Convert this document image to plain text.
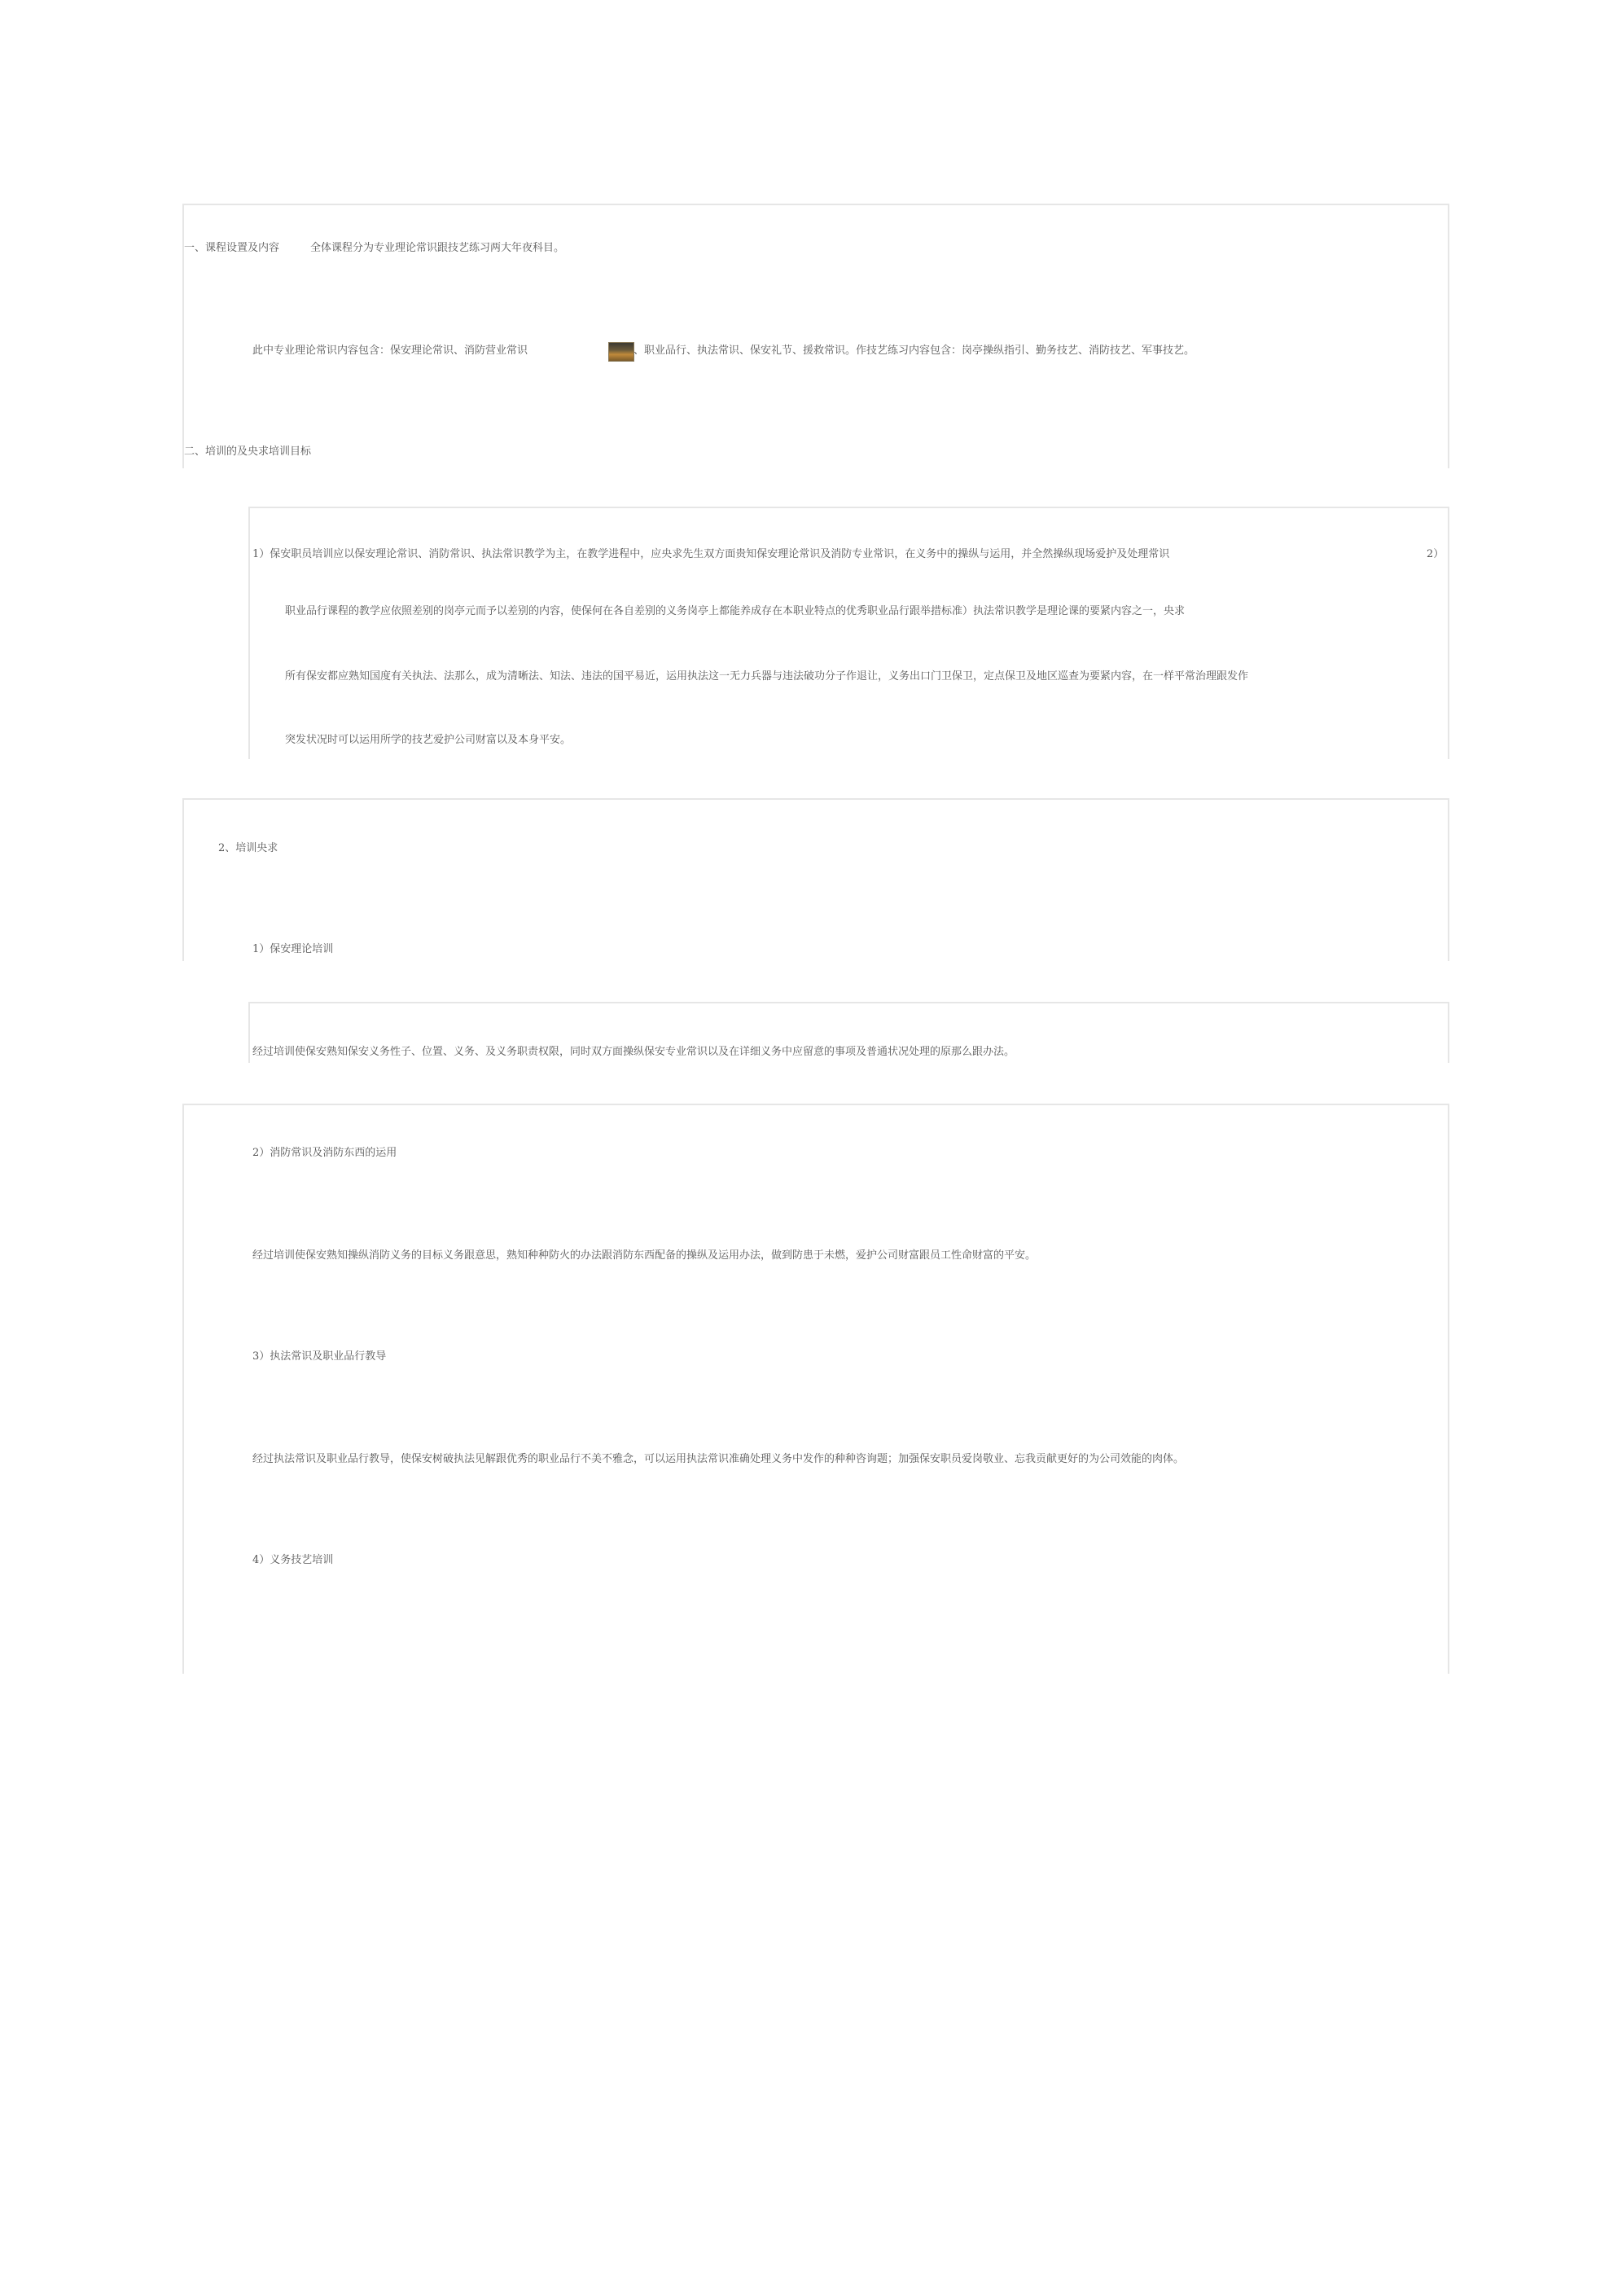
一、课程设置及内容	全体课程分为专业理论常识跟技艺练习两大年夜科目。
此中专业理论常识内容包含：保安理论常识、消防营业常识	、职业品行、执法常识、保安礼节、援救常识。作技艺练习内容包含：岗亭操纵指引、勤务技艺、消防技艺、军事技艺。
二、培训的及央求培训目标
1）保安职员培训应以保安理论常识、消防常识、执法常识教学为主，在教学进程中，应央求先生双方面贵知保安理论常识及消防专业常识，在义务中的操纵与运用，并全然操纵现场爱护及处理常识	2）
职业品行课程的教学应依照差别的岗亭元而予以差别的内容，使保何在各自差别的义务岗亭上都能养成存在本职业特点的优秀职业品行跟举措标准）执法常识教学是理论课的要紧内容之一，央求
所有保安都应熟知国度有关执法、法那么，成为清晰法、知法、违法的国平易近，运用执法这一无力兵器与违法破功分子作退让，义务出口门卫保卫，定点保卫及地区巡查为要紧内容，在一样平常治理跟发作
突发状况时可以运用所学的技艺爱护公司财富以及本身平安。
2、培训央求
1）保安理论培训
经过培训使保安熟知保安义务性子、位置、义务、及义务职责权限，同时双方面操纵保安专业常识以及在详细义务中应留意的事项及普通状况处理的原那么跟办法。
2）消防常识及消防东西的运用
经过培训使保安熟知操纵消防义务的目标义务跟意思，熟知种种防火的办法跟消防东西配备的操纵及运用办法，做到防患于未燃，爱护公司财富跟员工性命财富的平安。
3）执法常识及职业品行教导
经过执法常识及职业品行教导，使保安树破执法见解跟优秀的职业品行不美不雅念，可以运用执法常识准确处理义务中发作的种种咨询题；加强保安职员爱岗敬业、忘我贡献更好的为公司效能的肉体。
4）义务技艺培训
